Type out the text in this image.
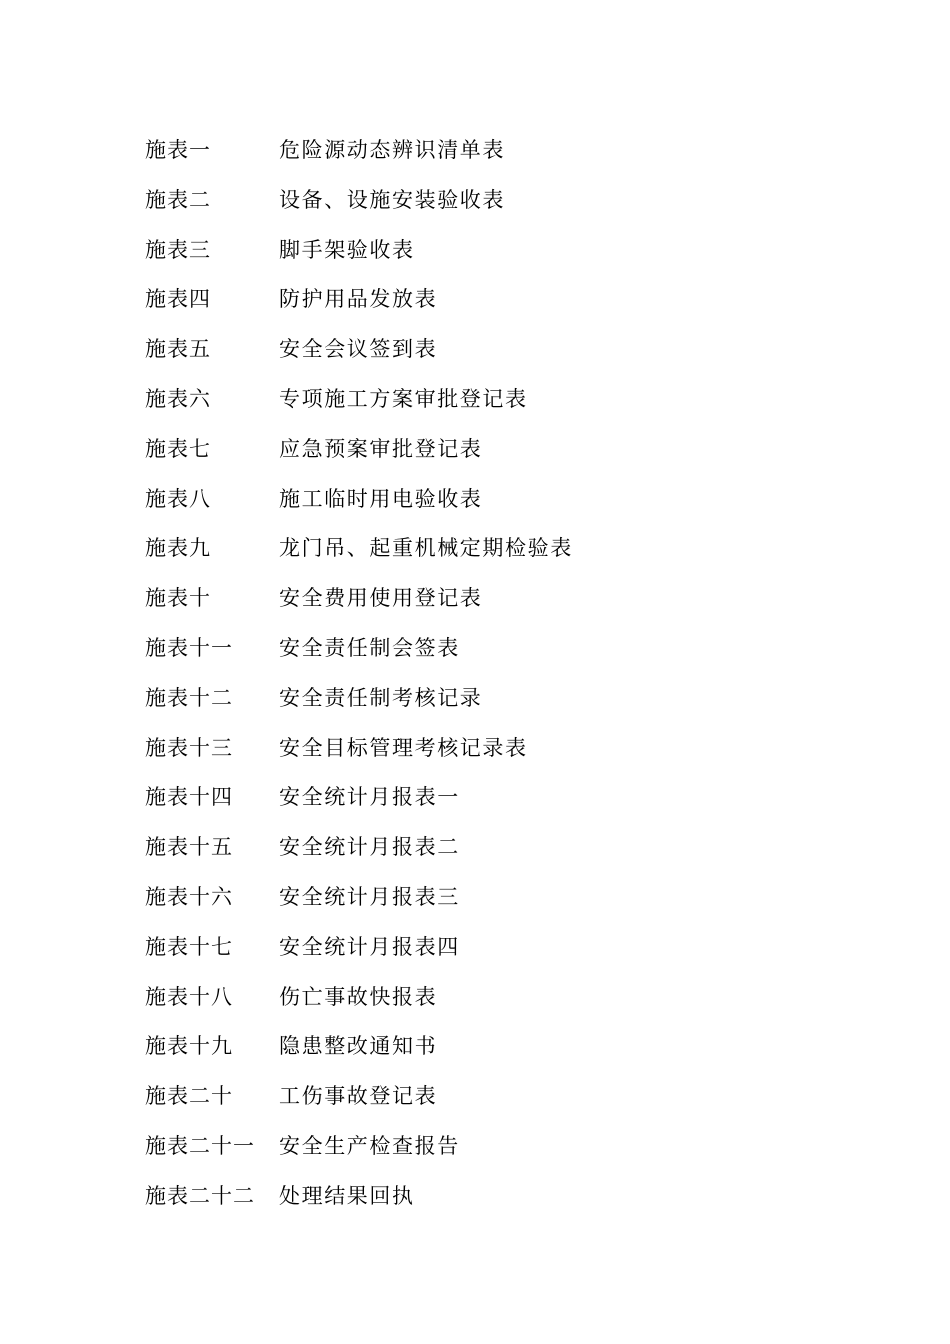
施表一	危险源动态辨识清单表
施表二	设备、设施安装验收表
施表三	脚手架验收表
施表四	防护用品发放表
施表五	安全会议签到表
施表六	专项施工方案审批登记表
施表七	应急预案审批登记表
施表八	施工临时用电验收表
施表九	龙门吊、起重机械定期检验表
施表十	安全费用使用登记表
施表十一	安全责任制会签表
施表十二	安全责任制考核记录
施表十三	安全目标管理考核记录表
施表十四	安全统计月报表一
施表十五	安全统计月报表二
施表十六	安全统计月报表三
施表十七	安全统计月报表四
施表十八	伤亡事故快报表
施表十九	隐患整改通知书
施表二十	工伤事故登记表
施表二十一	安全生产检查报告
施表二十二	处理结果回执
